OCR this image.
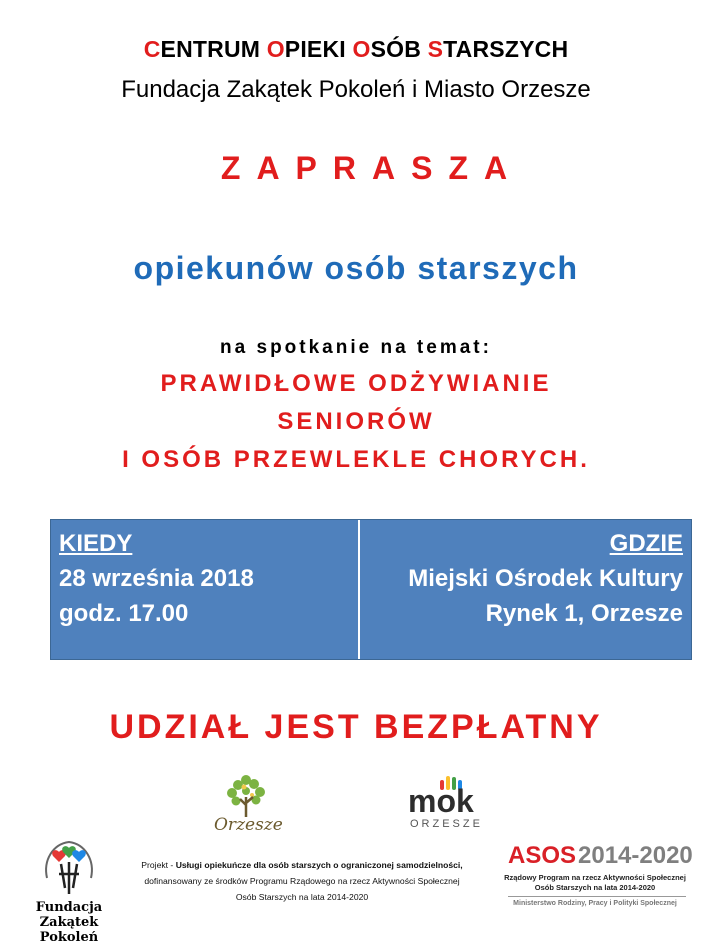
CENTRUM OPIEKI OSÓB STARSZYCH
Fundacja Zakątek Pokoleń i Miasto Orzesze
ZAPRASZA
opiekunów osób starszych
na spotkanie na temat:
PRAWIDŁOWE ODŻYWIANIE
SENIORÓW
I OSÓB PRZEWLEKLE CHORYCH.
KIEDY
28 września 2018
godz. 17.00
GDZIE
Miejski Ośrodek Kultury
Rynek 1, Orzesze
UDZIAŁ JEST BEZPŁATNY
Orzesze
mok
ORZESZE
Fundacja
Zakątek Pokoleń
Projekt - Usługi opiekuńcze dla osób starszych o ograniczonej samodzielności,
dofinansowany ze środków Programu Rządowego na rzecz Aktywności Społecznej
Osób Starszych na lata 2014-2020
ASOS 2014-2020
Rządowy Program na rzecz Aktywności Społecznej
Osób Starszych na lata 2014-2020
Ministerstwo Rodziny, Pracy i Polityki Społecznej
